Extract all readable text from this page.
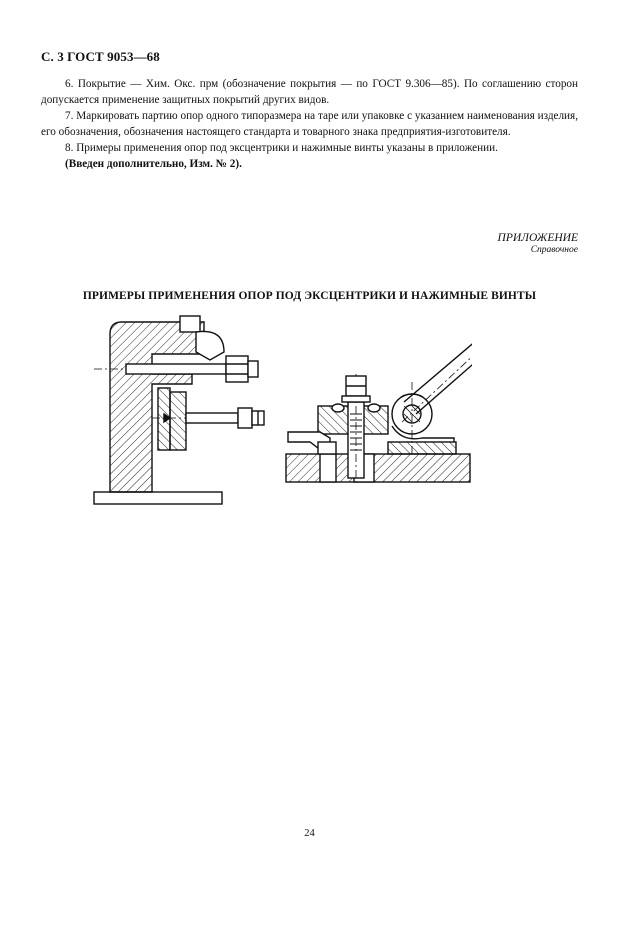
С. 3 ГОСТ 9053—68

6. Покрытие — Хим. Окс. прм (обозначение покрытия — по ГОСТ 9.306—85). По соглашению сторон допускается применение защитных покрытий других видов.

7. Маркировать партию опор одного типоразмера на таре или упаковке с указанием наименования изделия, его обозначения, обозначения настоящего стандарта и товарного знака предприятия-изготовителя.

8. Примеры применения опор под эксцентрики и нажимные винты указаны в приложении.

(Введен дополнительно, Изм. № 2).

ПРИЛОЖЕНИЕ
Справочное
ПРИМЕРЫ ПРИМЕНЕНИЯ ОПОР ПОД ЭКСЦЕНТРИКИ И НАЖИМНЫЕ ВИНТЫ
24
